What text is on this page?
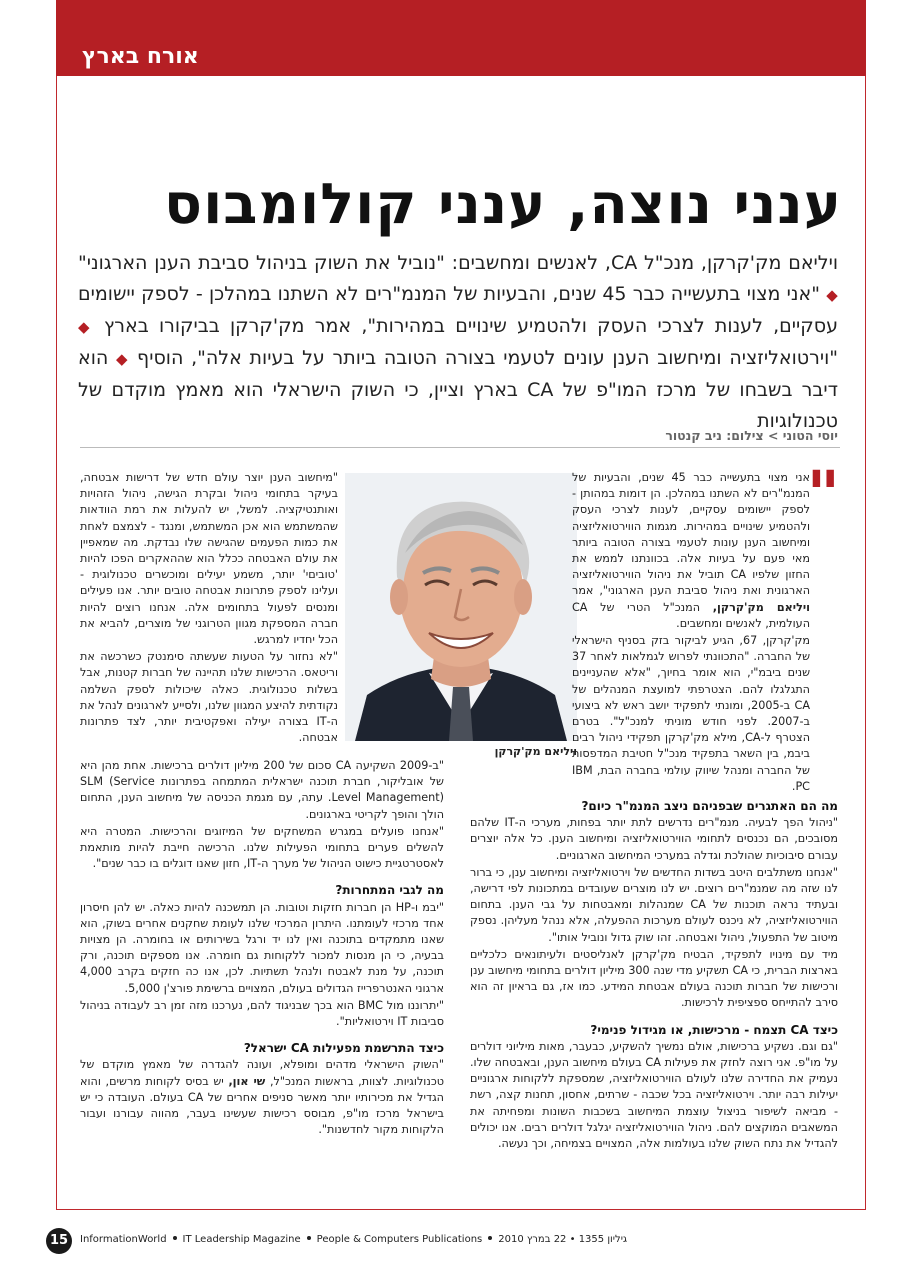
אורח בארץ
ענני נוצה, ענני קולומבוס
ויליאם מק'קרקן, מנכ"ל CA, לאנשים ומחשבים: "נוביל את השוק בניהול סביבת הענן הארגוני" ◆ "אני מצוי בתעשייה כבר 45 שנים, והבעיות של המנמ"רים לא השתנו במהלכן - לספק יישומים עסקיים, לענות לצרכי העסק ולהטמיע שינויים במהירות", אמר מק'קרקן בביקורו בארץ ◆ "וירטואליזציה ומיחשוב הענן עונים לטעמי בצורה הטובה ביותר על בעיות אלה", הוסיף ◆ הוא דיבר בשבחו של מרכז המו"פ של CA בארץ וציין, כי השוק הישראלי הוא מאמץ מוקדם של טכנולוגיות
יוסי הטוני > צילום: ניב קנטור
"
ויליאם מק'קרקן

אני מצוי בתעשייה כבר 45 שנים, והבעיות של המנמ"רים לא השתנו במהלכן. הן דומות במהותן - לספק יישומים עסקיים, לענות לצרכי העסק ולהטמיע שינויים במהירות. מגמות הווירטואליזציה ומיחשוב הענן עונות לטעמי בצורה הטובה ביותר מאי פעם על בעיות אלה. בכוונתנו לממש את החזון שלפיו CA תוביל את ניהול הווירטואליזציה הארגונית ואת ניהול סביבת הענן הארגוני", אמר ויליאם מק'קרקן, המנכ"ל הטרי של CA העולמית, לאנשים ומחשבים.

מק'קרקן, 67, הגיע לביקור בזק בסניף הישראלי של החברה. "התכוונתי לפרוש לגמלאות לאחר 37 שנים ביבמ"י, הוא אומר בחיוך, "אלא שהעניינים התגלגלו להם. הצטרפתי למועצת המנהלים של CA ב-2005, ומונתי לתפקיד יושב ראש לא ביצועי ב-2007. לפני חודש מוניתי למנכ"ל". בטרם הצטרף ל-CA, מילא מק'קרקן תפקידי ניהול רבים ביבמ, בין השאר בתפקיד מנכ"ל חטיבת המדפסות של החברה ומנהל שיווק עולמי בחברה הבת, IBM PC.

"מיחשוב הענן יוצר עולם חדש של דרישות אבטחה, בעיקר בתחומי ניהול ובקרת הגישה, ניהול הזהויות ואותנטיקציה. למשל, יש להעלות את רמת הוודאות שהמשתמש הוא אכן המשתמש, ומנגד - לצמצם לאחת את כמות הפעמים שהגישה שלו נבדקת. מה שמאפיין את עולם האבטחה ככלל הוא שההאקרים הפכו להיות 'טוביםי' יותר, משמע יעילים ומוכשרים טכנולוגית - ועלינו לספק פתרונות אבטחה טובים יותר. אנו פעילים ומנסים לפעול בתחומים אלה. אנחנו רוצים להיות חברה המספקת מגוון הטרוגני של מוצרים, להביא את הכל יחדיו למרגש.

"לא נחזור על הטעות שעשתה סימנטק כשרכשה את וריטאס. הרכישות שלנו תהיינה של חברות קטנות, אבל בשלות טכנולוגית. כאלה שיכולות לספק השלמה נקודתית להיצע המגוון שלנו, ולסייע לארגונים לנהל את ה-IT בצורה יעילה ואפקטיבית יותר, לצד פתרונות אבטחה.

"ב-2009 השקיעה CA סכום של 200 מיליון דולרים ברכישות. אחת מהן היא של אובליקור, חברת תוכנה ישראלית המתמחה בפתרונות SLM (Service Level Management). עתה, עם מגמת הכניסה של מיחשוב הענן, התחום הולך והופך לקריטי בארגונים.

"אנחנו פועלים במגרש המשחקים של המיזוגים והרכישות. המטרה היא להשלים פערים בתחומי הפעילות שלנו. הרכישה חייבת להיות מותאמת לאסטרטגיית כישוט הניהול של מערך ה-IT, חזון שאנו דוגלים בו כבר שנים".

מה לגבי המתחרות?

"יבמ ו-HP הן חברות חזקות וטובות. הן תמשכנה להיות כאלה. יש להן חיסרון אחד מרכזי לעומתנו. היתרון המרכזי שלנו לעומת שחקנים אחרים בשוק, הוא שאנו מתמקדים בתוכנה ואין לנו יד ורגל בשירותים או בחומרה. הן מצויות בבעיה, כי הן מנסות למכור ללקוחות גם חומרה. אנו מספקים תוכנה, ורק תוכנה, על מנת לאבטח ולנהל תשתיות. לכן, אנו כה חזקים בקרב 4,000 ארגוני האנטרפרייז הגדולים בעולם, המצויים ברשימת פורצ'ן 5,000.

"יתרוננו מול BMC הוא בכך שבניגוד להם, נערכנו מזה זמן רב לעבודה בניהול סביבות IT וירטואליות".

כיצד התרשמת מפעילות CA ישראל?

"השוק הישראלי מדהים ומופלא, ועונה להגדרה של מאמץ מוקדם של טכנולוגיות. לצוות, בראשות המנכ"ל, שי און, יש בסיס לקוחות מרשים, והוא הגדיל את מכירותיו יותר מאשר סניפים אחרים של CA בעולם. העובדה כי יש בישראל מרכז מו"פ, מבוסס רכישות שעשינו בעבר, מהווה עבורנו ועבור הלקוחות מקור לחדשנות".

מה הם האתגרים שבפניהם ניצב המנמ"ר כיום?

"ניהול הפך לבעיה. מנמ"רים נדרשים לתת יותר בפחות, מערכי ה-IT שלהם מסובכים, הם נכנסים לתחומי הווירטואליזציה ומיחשוב הענן. כל אלה יוצרים עבורם סיבוכיות שהולכת וגדלה במערכי המיחשוב הארגוניים.

"אנחנו משתלבים היטב בשדות החדשים של וירטואליזציה ומיחשוב ענן, כי ברור לנו שזה מה שמנמ"רים רוצים. יש לנו מוצרים שעובדים במתכונות לפי דרישה, ובעתיד נראה תוכנות של CA שמנהלות ומאבטחות על גבי הענן. בתחום הווירטואליזציה, לא ניכנס לעולם מערכות ההפעלה, אלא ננהל מעליהן. נספק מיטוב של התפעול, ניהול ואבטחה. זהו שוק גדול ונוביל אותו".

מיד עם מינויו לתפקיד, הבטיח מק'קרקן לאנליסטים ולעיתונאים כלכליים בארצות הברית, כי CA תשקיע מדי שנה 300 מיליון דולרים בתחומי מיחשוב ענן ורכישות של חברות תוכנה בעולם אבטחת המידע. כמו אז, גם בראיון זה הוא סירב להתייחס ספציפית לרכישות.

כיצד CA תצמח - מרכישות, או מגידול פנימי?

"גם וגם. נשקיע ברכישות, אולם נמשיך להשקיע, כבעבר, מאות מיליוני דולרים על מו"פ. אני רוצה לחזק את פעילות CA בעולם מיחשוב הענן, ובאבטחה שלו. נעמיק את החדירה שלנו לעולם הווירטואליזציה, שמספקת ללקוחות ארגוניים יעילות רבה יותר. וירטואליזציה בכל שכבה - שרתים, אחסון, תחנות קצה, רשת - מביאה לשיפור בניצול עוצמת המיחשוב בשכבות השונות ומפחיתה את המשאבים המוקצים להם. ניהול הווירטואליזציה יגלגל דולרים רבים. אנו יכולים להגדיל את נתח השוק שלנו בעולמות אלה, המצויים בצמיחה, וכך נעשה.

15	InformationWorld IT Leadership Magazine People & Computers Publications גיליון 1355 • 22 במרץ 2010
